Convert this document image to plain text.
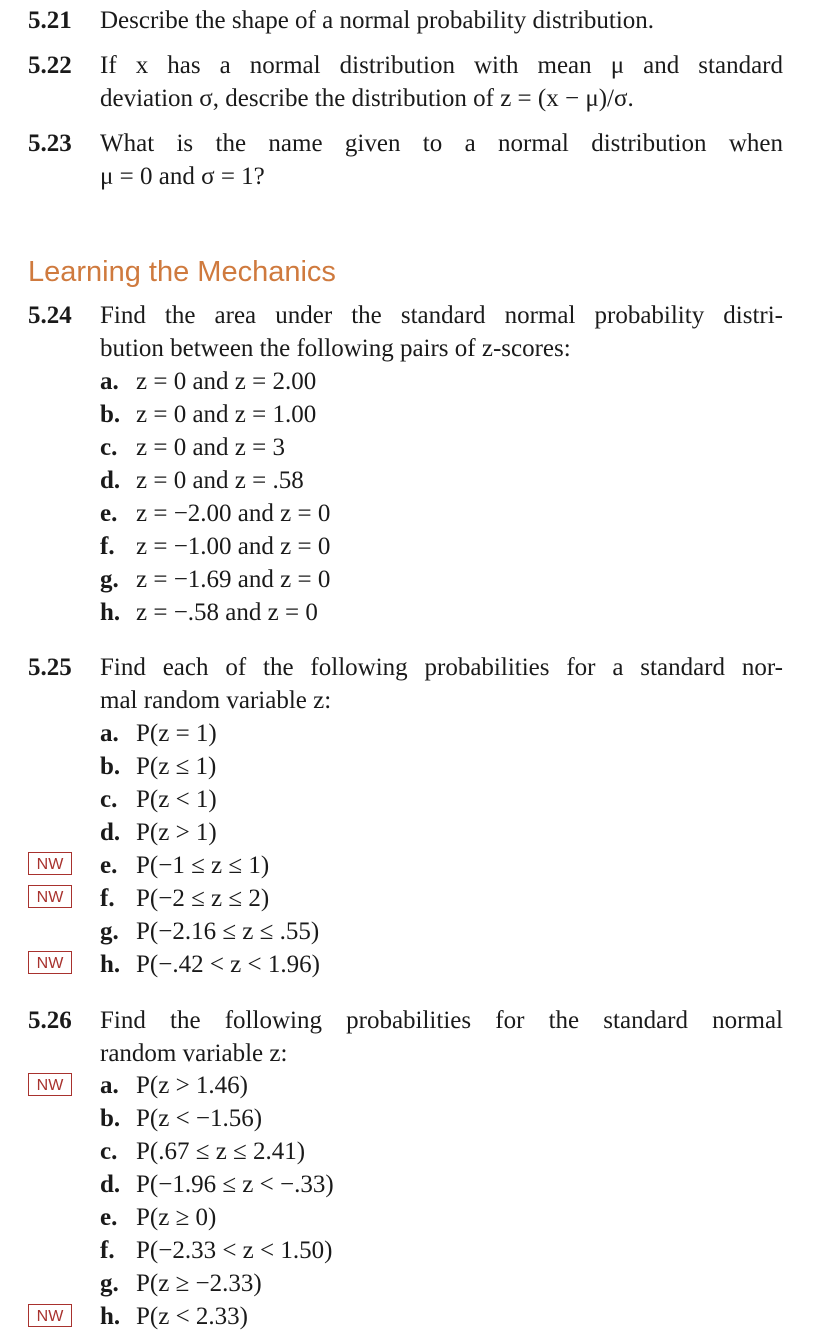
5.21	Describe the shape of a normal probability distribution.
5.22	If x has a normal distribution with mean μ and standard
deviation σ, describe the distribution of z = (x − μ)/σ.
5.23	What is the name given to a normal distribution when
μ = 0 and σ = 1?
Learning the Mechanics
5.24	Find the area under the standard normal probability distri-
bution between the following pairs of z-scores:
a. z = 0 and z = 2.00
b. z = 0 and z = 1.00
c. z = 0 and z = 3
d. z = 0 and z = .58
e. z = −2.00 and z = 0
f. z = −1.00 and z = 0
g. z = −1.69 and z = 0
h. z = −.58 and z = 0
5.25	Find each of the following probabilities for a standard nor-
mal random variable z:
a. P(z = 1)
b. P(z ≤ 1)
c. P(z < 1)
d. P(z > 1)
e. P(−1 ≤ z ≤ 1)
f. P(−2 ≤ z ≤ 2)
g. P(−2.16 ≤ z ≤ .55)
h. P(−.42 < z < 1.96)
NW
NW
NW
5.26	Find the following probabilities for the standard normal
random variable z:
a. P(z > 1.46)
b. P(z < −1.56)
c. P(.67 ≤ z ≤ 2.41)
d. P(−1.96 ≤ z < −.33)
e. P(z ≥ 0)
f. P(−2.33 < z < 1.50)
g. P(z ≥ −2.33)
h. P(z < 2.33)
NW
NW
